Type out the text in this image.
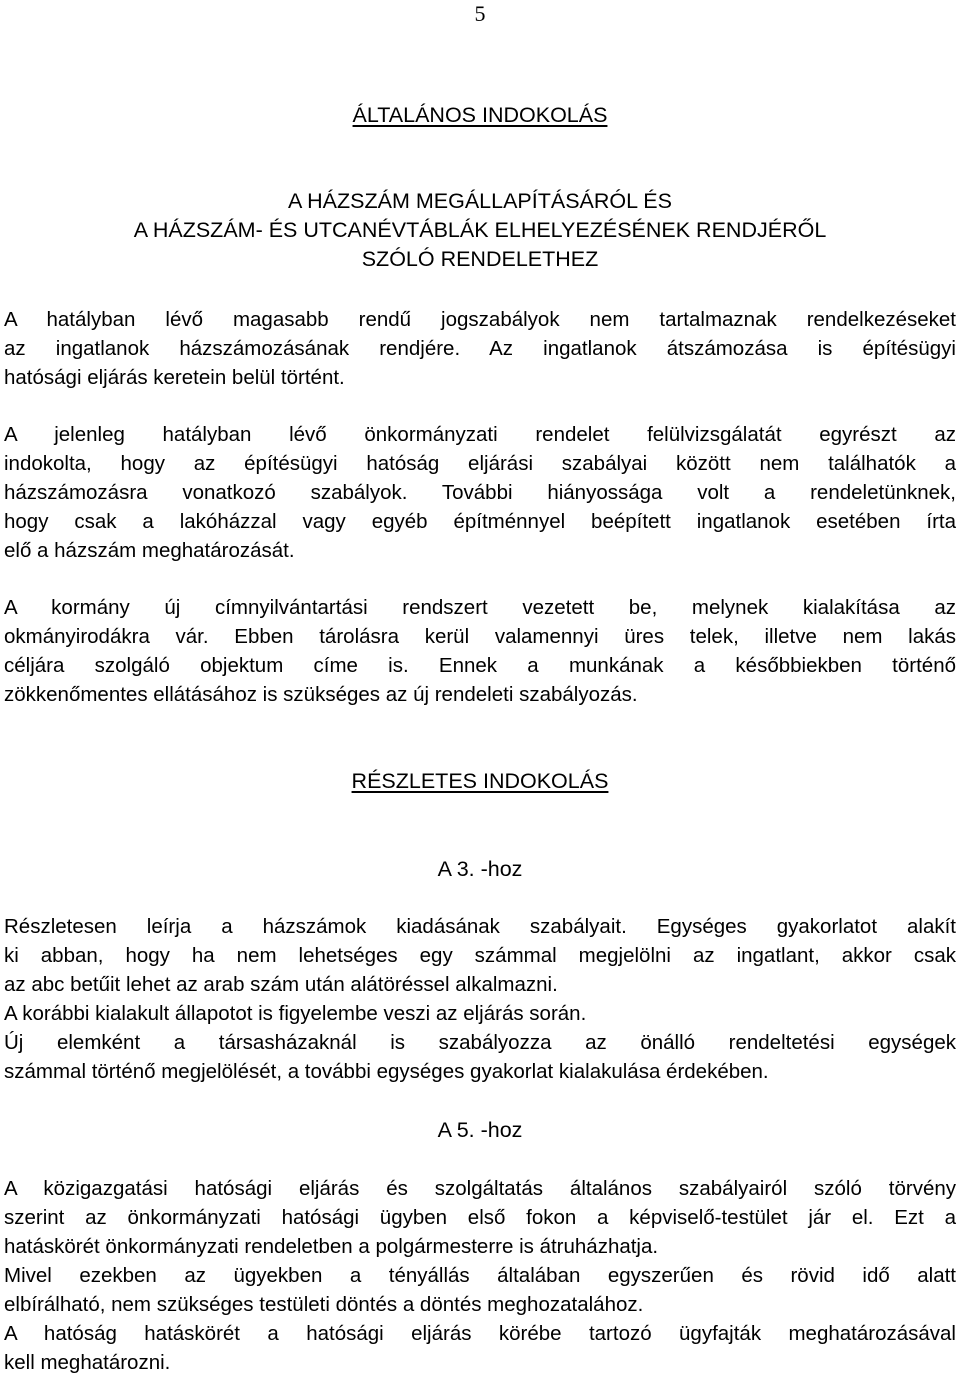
5
ÁLTALÁNOS INDOKOLÁS
A HÁZSZÁM MEGÁLLAPÍTÁSÁRÓL ÉS
A HÁZSZÁM- ÉS UTCANÉVTÁBLÁK ELHELYEZÉSÉNEK RENDJÉRŐL
SZÓLÓ RENDELETHEZ
A hatályban lévő magasabb rendű jogszabályok nem tartalmaznak rendelkezéseket
az ingatlanok házszámozásának rendjére. Az ingatlanok átszámozása is építésügyi
hatósági eljárás keretein belül történt.
A jelenleg hatályban lévő önkormányzati rendelet felülvizsgálatát egyrészt az
indokolta, hogy az építésügyi hatóság eljárási szabályai között nem találhatók a
házszámozásra vonatkozó szabályok. További hiányossága volt a rendeletünknek,
hogy csak a lakóházzal vagy egyéb építménnyel beépített ingatlanok esetében írta
elő a házszám meghatározását.
A kormány új címnyilvántartási rendszert vezetett be, melynek kialakítása az
okmányirodákra vár. Ebben tárolásra kerül valamennyi üres telek, illetve nem lakás
céljára szolgáló objektum címe is. Ennek a munkának a későbbiekben történő
zökkenőmentes ellátásához is szükséges az új rendeleti szabályozás.
RÉSZLETES INDOKOLÁS
A 3. -hoz
Részletesen leírja a házszámok kiadásának szabályait. Egységes gyakorlatot alakít
ki abban, hogy ha nem lehetséges egy számmal megjelölni az ingatlant, akkor csak
az abc betűit lehet az arab szám után alátöréssel alkalmazni.
A korábbi kialakult állapotot is figyelembe veszi az eljárás során.
Új elemként a társasházaknál is szabályozza az önálló rendeltetési egységek
számmal történő megjelölését, a további egységes gyakorlat kialakulása érdekében.
A 5. -hoz
A közigazgatási hatósági eljárás és szolgáltatás általános szabályairól szóló törvény
szerint az önkormányzati hatósági ügyben első fokon a képviselő-testület jár el. Ezt a
hatáskörét önkormányzati rendeletben a polgármesterre is átruházhatja.
Mivel ezekben az ügyekben a tényállás általában egyszerűen és rövid idő alatt
elbírálható, nem szükséges testületi döntés a döntés meghozatalához.
A hatóság hatáskörét a hatósági eljárás körébe tartozó ügyfajták meghatározásával
kell meghatározni.
